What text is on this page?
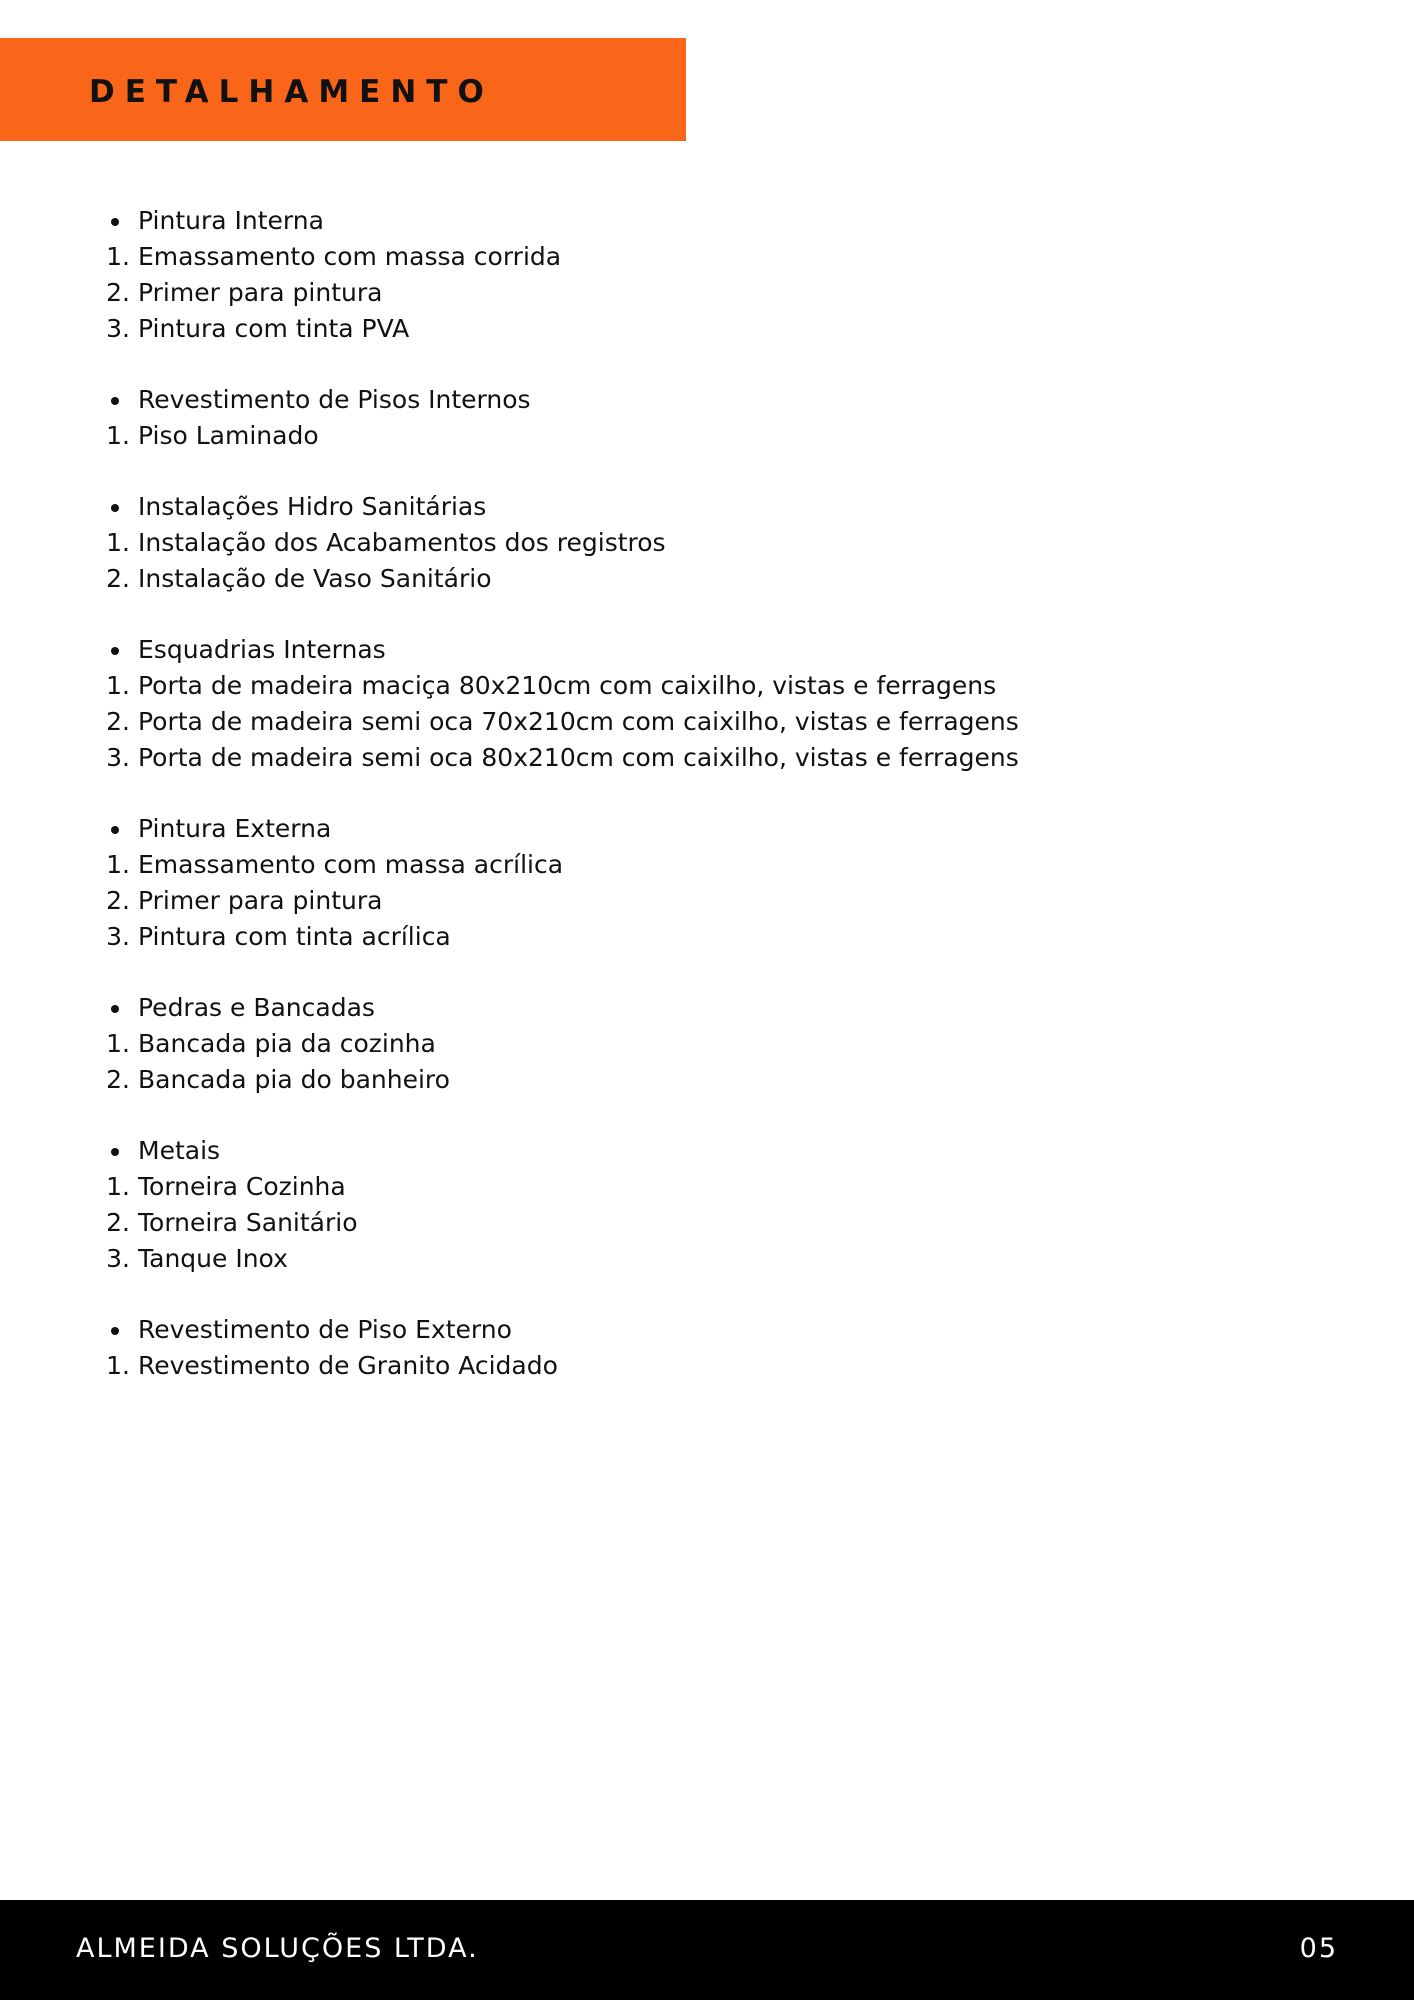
DETALHAMENTO
Pintura Interna
1. Emassamento com massa corrida
2. Primer para pintura
3. Pintura com tinta PVA
Revestimento de Pisos Internos
1. Piso Laminado
Instalações Hidro Sanitárias
1. Instalação dos Acabamentos dos registros
2. Instalação de Vaso Sanitário
Esquadrias Internas
1. Porta de madeira maciça 80x210cm com caixilho, vistas e ferragens
2. Porta de madeira semi oca 70x210cm com caixilho, vistas e ferragens
3. Porta de madeira semi oca 80x210cm com caixilho, vistas e ferragens
Pintura Externa
1. Emassamento com massa acrílica
2. Primer para pintura
3. Pintura com tinta acrílica
Pedras e Bancadas
1. Bancada pia da cozinha
2. Bancada pia do banheiro
Metais
1. Torneira Cozinha
2. Torneira Sanitário
3. Tanque Inox
Revestimento de Piso Externo
1. Revestimento de Granito Acidado
ALMEIDA SOLUÇÕES LTDA.	05
